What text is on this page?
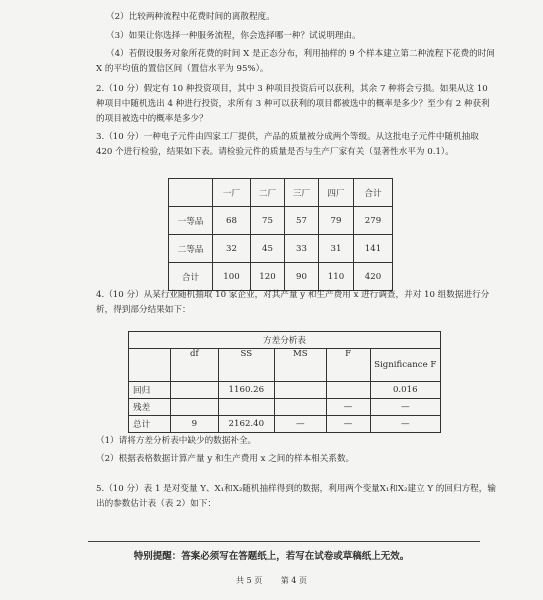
（2）比较两种流程中花费时间的离散程度。
（3）如果让你选择一种服务流程，你会选择哪一种？试说明理由。
（4）若假设服务对象所花费的时间 X 是正态分布，利用抽样的 9 个样本建立第二种流程下花费的时间 X 的平均值的置信区间（置信水平为 95%）。
2.（10 分）假定有 10 种投资项目，其中 3 种项目投资后可以获利，其余 7 种将会亏损。如果从这 10 种项目中随机选出 4 种进行投资，求所有 3 种可以获利的项目都被选中的概率是多少？至少有 2 种获利的项目被选中的概率是多少？
3.（10 分）一种电子元件由四家工厂提供，产品的质量被分成两个等级。从这批电子元件中随机抽取 420 个进行检验，结果如下表。请检验元件的质量是否与生产厂家有关（显著性水平为 0.1）。
	一厂	二厂	三厂	四厂	合计
一等品	68	75	57	79	279
二等品	32	45	33	31	141
合计	100	120	90	110	420
4.（10 分）从某行业随机抽取 10 家企业，对其产量 y 和生产费用 x 进行调查，并对 10 组数据进行分析，得到部分结果如下：
方差分析表					
	df	SS	MS	F	Significance F
回归		1160.26			0.016
残差				—	—
总计	9	2162.40	—	—	—
（1）请将方差分析表中缺少的数据补全。
（2）根据表格数据计算产量 y 和生产费用 x 之间的样本相关系数。
5.（10 分）表 1 是对变量 Y、X₁和X₂随机抽样得到的数据，利用两个变量X₁和X₂建立 Y 的回归方程，输出的参数估计表（表 2）如下：
特别提醒：答案必须写在答题纸上，若写在试卷或草稿纸上无效。
共 5 页 第 4 页
